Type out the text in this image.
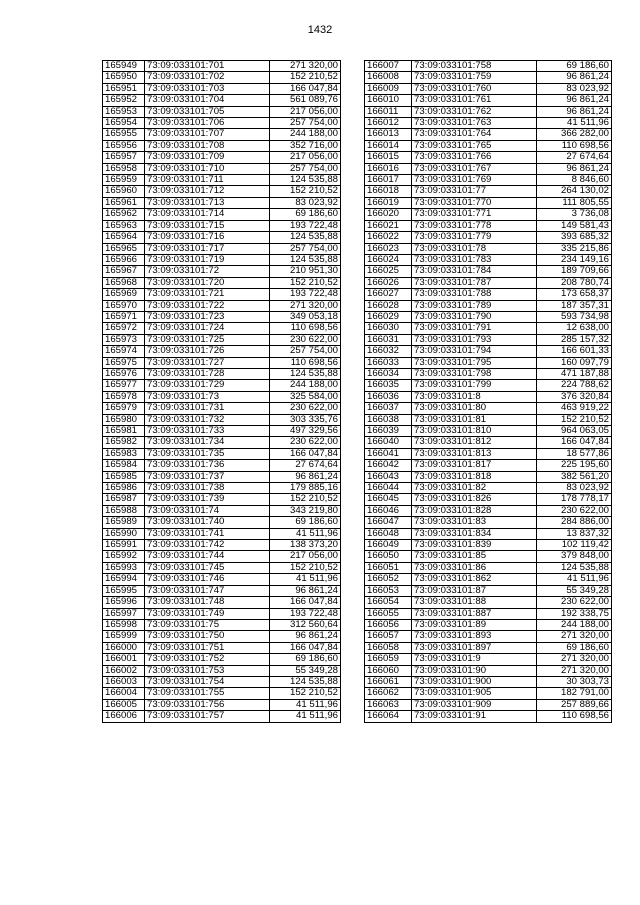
1432
165949	73:09:033101:701	271 320,00
165950	73:09:033101:702	152 210,52
165951	73:09:033101:703	166 047,84
165952	73:09:033101:704	561 089,76
165953	73:09:033101:705	217 056,00
165954	73:09:033101:706	257 754,00
165955	73:09:033101:707	244 188,00
165956	73:09:033101:708	352 716,00
165957	73:09:033101:709	217 056,00
165958	73:09:033101:710	257 754,00
165959	73:09:033101:711	124 535,88
165960	73:09:033101:712	152 210,52
165961	73:09:033101:713	83 023,92
165962	73:09:033101:714	69 186,60
165963	73:09:033101:715	193 722,48
165964	73:09:033101:716	124 535,88
165965	73:09:033101:717	257 754,00
165966	73:09:033101:719	124 535,88
165967	73:09:033101:72	210 951,30
165968	73:09:033101:720	152 210,52
165969	73:09:033101:721	193 722,48
165970	73:09:033101:722	271 320,00
165971	73:09:033101:723	349 053,18
165972	73:09:033101:724	110 698,56
165973	73:09:033101:725	230 622,00
165974	73:09:033101:726	257 754,00
165975	73:09:033101:727	110 698,56
165976	73:09:033101:728	124 535,88
165977	73:09:033101:729	244 188,00
165978	73:09:033101:73	325 584,00
165979	73:09:033101:731	230 622,00
165980	73:09:033101:732	303 335,76
165981	73:09:033101:733	497 329,56
165982	73:09:033101:734	230 622,00
165983	73:09:033101:735	166 047,84
165984	73:09:033101:736	27 674,64
165985	73:09:033101:737	96 861,24
165986	73:09:033101:738	179 885,16
165987	73:09:033101:739	152 210,52
165988	73:09:033101:74	343 219,80
165989	73:09:033101:740	69 186,60
165990	73:09:033101:741	41 511,96
165991	73:09:033101:742	138 373,20
165992	73:09:033101:744	217 056,00
165993	73:09:033101:745	152 210,52
165994	73:09:033101:746	41 511,96
165995	73:09:033101:747	96 861,24
165996	73:09:033101:748	166 047,84
165997	73:09:033101:749	193 722,48
165998	73:09:033101:75	312 560,64
165999	73:09:033101:750	96 861,24
166000	73:09:033101:751	166 047,84
166001	73:09:033101:752	69 186,60
166002	73:09:033101:753	55 349,28
166003	73:09:033101:754	124 535,88
166004	73:09:033101:755	152 210,52
166005	73:09:033101:756	41 511,96
166006	73:09:033101:757	41 511,96
166007	73:09:033101:758	69 186,60
166008	73:09:033101:759	96 861,24
166009	73:09:033101:760	83 023,92
166010	73:09:033101:761	96 861,24
166011	73:09:033101:762	96 861,24
166012	73:09:033101:763	41 511,96
166013	73:09:033101:764	366 282,00
166014	73:09:033101:765	110 698,56
166015	73:09:033101:766	27 674,64
166016	73:09:033101:767	96 861,24
166017	73:09:033101:769	8 846,60
166018	73:09:033101:77	264 130,02
166019	73:09:033101:770	111 805,55
166020	73:09:033101:771	3 736,08
166021	73:09:033101:778	149 581,43
166022	73:09:033101:779	393 685,32
166023	73:09:033101:78	335 215,86
166024	73:09:033101:783	234 149,16
166025	73:09:033101:784	189 709,66
166026	73:09:033101:787	208 780,74
166027	73:09:033101:788	173 658,37
166028	73:09:033101:789	187 357,31
166029	73:09:033101:790	593 734,98
166030	73:09:033101:791	12 638,00
166031	73:09:033101:793	285 157,32
166032	73:09:033101:794	166 601,33
166033	73:09:033101:795	160 097,79
166034	73:09:033101:798	471 187,88
166035	73:09:033101:799	224 788,62
166036	73:09:033101:8	376 320,84
166037	73:09:033101:80	463 919,22
166038	73:09:033101:81	152 210,52
166039	73:09:033101:810	964 063,05
166040	73:09:033101:812	166 047,84
166041	73:09:033101:813	18 577,86
166042	73:09:033101:817	225 195,60
166043	73:09:033101:818	382 561,20
166044	73:09:033101:82	83 023,92
166045	73:09:033101:826	178 778,17
166046	73:09:033101:828	230 622,00
166047	73:09:033101:83	284 886,00
166048	73:09:033101:834	13 837,32
166049	73:09:033101:839	102 119,42
166050	73:09:033101:85	379 848,00
166051	73:09:033101:86	124 535,88
166052	73:09:033101:862	41 511,96
166053	73:09:033101:87	55 349,28
166054	73:09:033101:88	230 622,00
166055	73:09:033101:887	192 338,75
166056	73:09:033101:89	244 188,00
166057	73:09:033101:893	271 320,00
166058	73:09:033101:897	69 186,60
166059	73:09:033101:9	271 320,00
166060	73:09:033101:90	271 320,00
166061	73:09:033101:900	30 303,73
166062	73:09:033101:905	182 791,00
166063	73:09:033101:909	257 889,66
166064	73:09:033101:91	110 698,56
